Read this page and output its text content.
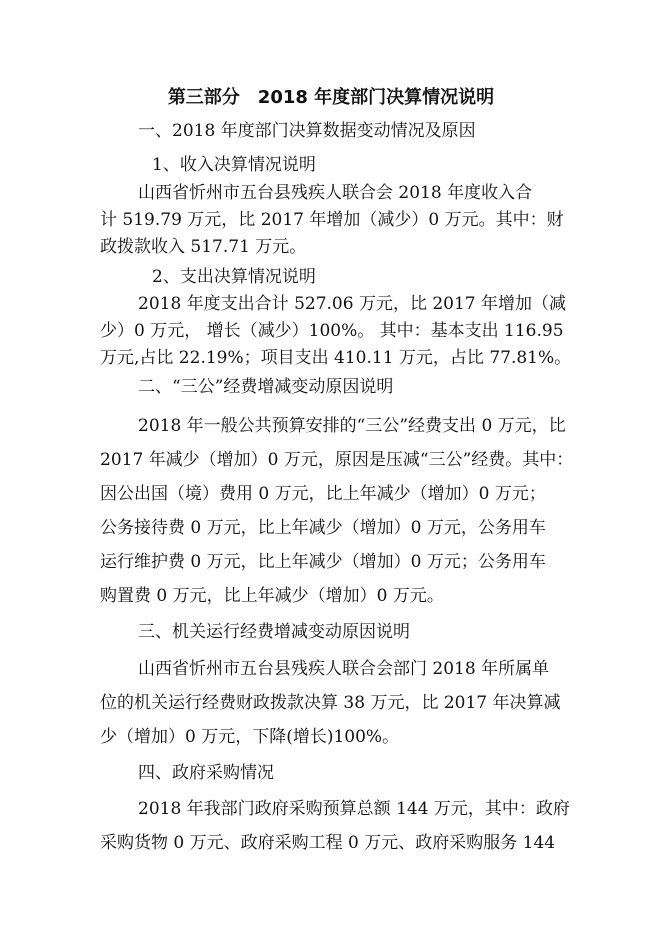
第三部分　2018 年度部门决算情况说明
一、2018 年度部门决算数据变动情况及原因
1、收入决算情况说明
山西省忻州市五台县残疾人联合会 2018 年度收入合
计 519.79 万元，比 2017 年增加（减少）0 万元。其中：财
政拨款收入 517.71 万元。
2、支出决算情况说明
2018 年度支出合计 527.06 万元，比 2017 年增加（减
少）0 万元， 增长（减少）100%。 其中：基本支出 116.95
万元,占比 22.19%；项目支出 410.11 万元，占比 77.81%。
二、“三公”经费增减变动原因说明
2018 年一般公共预算安排的“三公”经费支出 0 万元，比
2017 年减少（增加）0 万元，原因是压减“三公”经费。其中：
因公出国（境）费用 0 万元，比上年减少（增加）0 万元；
公务接待费 0 万元，比上年减少（增加）0 万元，公务用车
运行维护费 0 万元，比上年减少（增加）0 万元；公务用车
购置费 0 万元，比上年减少（增加）0 万元。
三、机关运行经费增减变动原因说明
山西省忻州市五台县残疾人联合会部门 2018 年所属单
位的机关运行经费财政拨款决算 38 万元，比 2017 年决算减
少（增加）0 万元，下降(增长)100%。
四、政府采购情况
2018 年我部门政府采购预算总额 144 万元，其中：政府
采购货物 0 万元、政府采购工程 0 万元、政府采购服务 144
